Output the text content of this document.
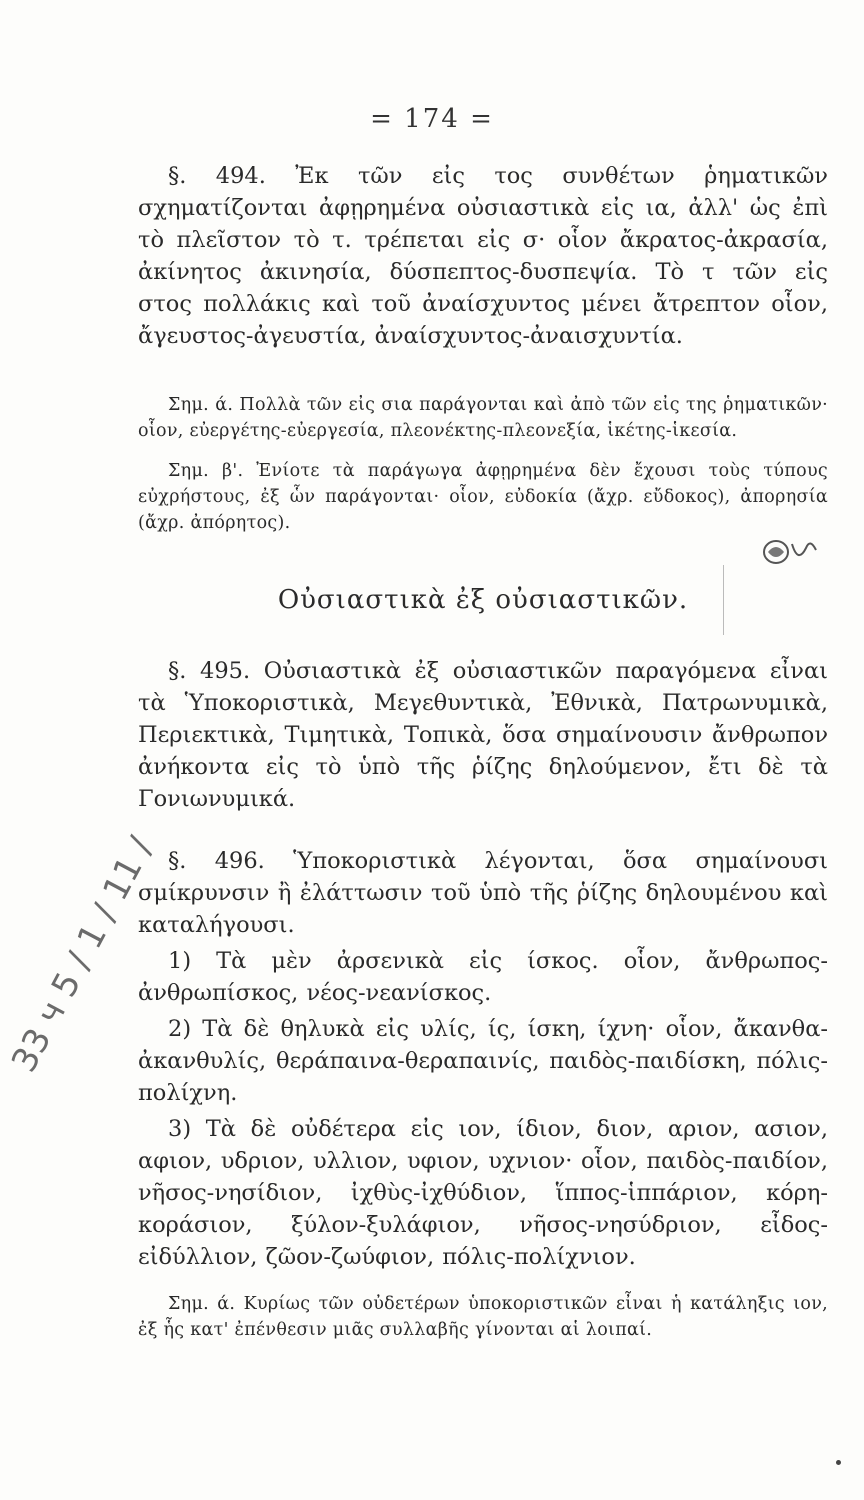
= 174 =

§. 494. Ἐκ τῶν εἰς τος συνθέτων ῥηματικῶν σχηματίζονται ἀφῃρημένα οὐσιαστικὰ εἰς ια, ἀλλ' ὡς ἐπὶ τὸ πλεῖστον τὸ τ. τρέπεται εἰς σ· οἷον ἄκρατος-ἀκρασία, ἀκίνητος ἀκινησία, δύσπεπτος-δυσπεψία. Τὸ τ τῶν εἰς στος πολλάκις καὶ τοῦ ἀναίσχυντος μένει ἄτρεπτον οἷον, ἄγευστος-ἀγευστία, ἀναίσχυντος-ἀναισχυντία.

Σημ. ά. Πολλὰ τῶν εἰς σια παράγονται καὶ ἀπὸ τῶν εἰς της ῥηματικῶν· οἷον, εὐεργέτης-εὐεργεσία, πλεονέκτης-πλεονεξία, ἱκέτης-ἱκεσία.

Σημ. β'. Ἐνίοτε τὰ παράγωγα ἀφῃρημένα δὲν ἔχουσι τοὺς τύπους εὐχρήστους, ἐξ ὧν παράγονται· οἷον, εὐδοκία (ἄχρ. εὔδοκος), ἀπορησία (ἄχρ. ἀπόρητος).

Οὐσιαστικὰ ἐξ οὐσιαστικῶν.

§. 495. Οὐσιαστικὰ ἐξ οὐσιαστικῶν παραγόμενα εἶναι τὰ Ὑποκοριστικὰ, Μεγεθυντικὰ, Ἐθνικὰ, Πατρωνυμικὰ, Περιεκτικὰ, Τιμητικὰ, Τοπικὰ, ὅσα σημαίνουσιν ἄνθρωπον ἀνήκοντα εἰς τὸ ὑπὸ τῆς ῥίζης δηλούμενον, ἔτι δὲ τὰ Γονιωνυμικά.

§. 496. Ὑποκοριστικὰ λέγονται, ὅσα σημαίνουσι σμίκρυνσιν ἢ ἐλάττωσιν τοῦ ὑπὸ τῆς ῥίζης δηλουμένου καὶ καταλήγουσι.

1) Τὰ μὲν ἀρσενικὰ εἰς ίσκος. οἷον, ἄνθρωπος-ἀνθρωπίσκος, νέος-νεανίσκος.

2) Τὰ δὲ θηλυκὰ εἰς υλίς, ίς, ίσκη, ίχνη· οἷον, ἄκανθα-ἀκανθυλίς, θεράπαινα-θεραπαινίς, παιδὸς-παιδίσκη, πόλις-πολίχνη.

3) Τὰ δὲ οὐδέτερα εἰς ιον, ίδιον, διον, αριον, ασιον, αφιον, υδριον, υλλιον, υφιον, υχνιον· οἷον, παιδὸς-παιδίον, νῆσος-νησίδιον, ἰχθὺς-ἰχθύδιον, ἵππος-ἱππάριον, κόρη-κοράσιον, ξύλον-ξυλάφιον, νῆσος-νησύδριον, εἶδος-εἰδύλλιον, ζῶον-ζωύφιον, πόλις-πολίχνιον.

Σημ. ά. Κυρίως τῶν οὐδετέρων ὑποκοριστικῶν εἶναι ἡ κατάληξις ιον, ἐξ ἧς κατ' ἐπένθεσιν μιᾶς συλλαβῆς γίνονται αἱ λοιπαί.

33 ч 5 / 1 / 11 /
